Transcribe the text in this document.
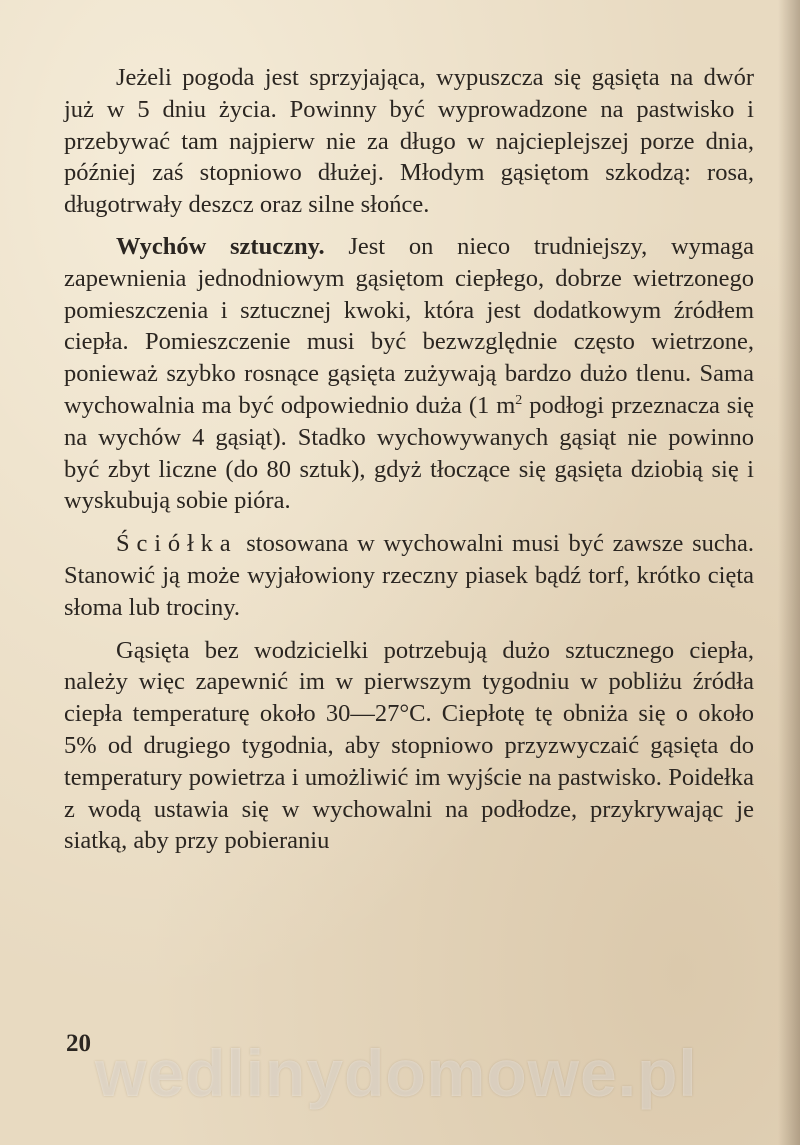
Jeżeli pogoda jest sprzyjająca, wypuszcza się gąsięta na dwór już w 5 dniu życia. Powinny być wyprowadzone na pastwisko i przebywać tam najpierw nie za długo w najcieplejszej porze dnia, później zaś stopniowo dłużej. Młodym gąsiętom szkodzą: rosa, długotrwały deszcz oraz silne słońce.

Wychów sztuczny. Jest on nieco trudniejszy, wymaga zapewnienia jednodniowym gąsiętom ciepłego, dobrze wietrzonego pomieszczenia i sztucznej kwoki, która jest dodatkowym źródłem ciepła. Pomieszczenie musi być bezwzględnie często wietrzone, ponieważ szybko rosnące gąsięta zużywają bardzo dużo tlenu. Sama wychowalnia ma być odpowiednio duża (1 $m^2$ podłogi przeznacza się na wychów 4 gąsiąt). Stadko wychowywanych gąsiąt nie powinno być zbyt liczne (do 80 sztuk), gdyż tłoczące się gąsięta dziobią się i wyskubują sobie pióra.

Ściółka stosowana w wychowalni musi być zawsze sucha. Stanowić ją może wyjałowiony rzeczny piasek bądź torf, krótko cięta słoma lub trociny.

Gąsięta bez wodzicielki potrzebują dużo sztucznego ciepła, należy więc zapewnić im w pierwszym tygodniu w pobliżu źródła ciepła temperaturę około 30—27°C. Ciepłotę tę obniża się o około 5% od drugiego tygodnia, aby stopniowo przyzwyczaić gąsięta do temperatury powietrza i umożliwić im wyjście na pastwisko. Poidełka z wodą ustawia się w wychowalni na podłodze, przykrywając je siatką, aby przy pobieraniu

20 wedlinydomowe.pl
